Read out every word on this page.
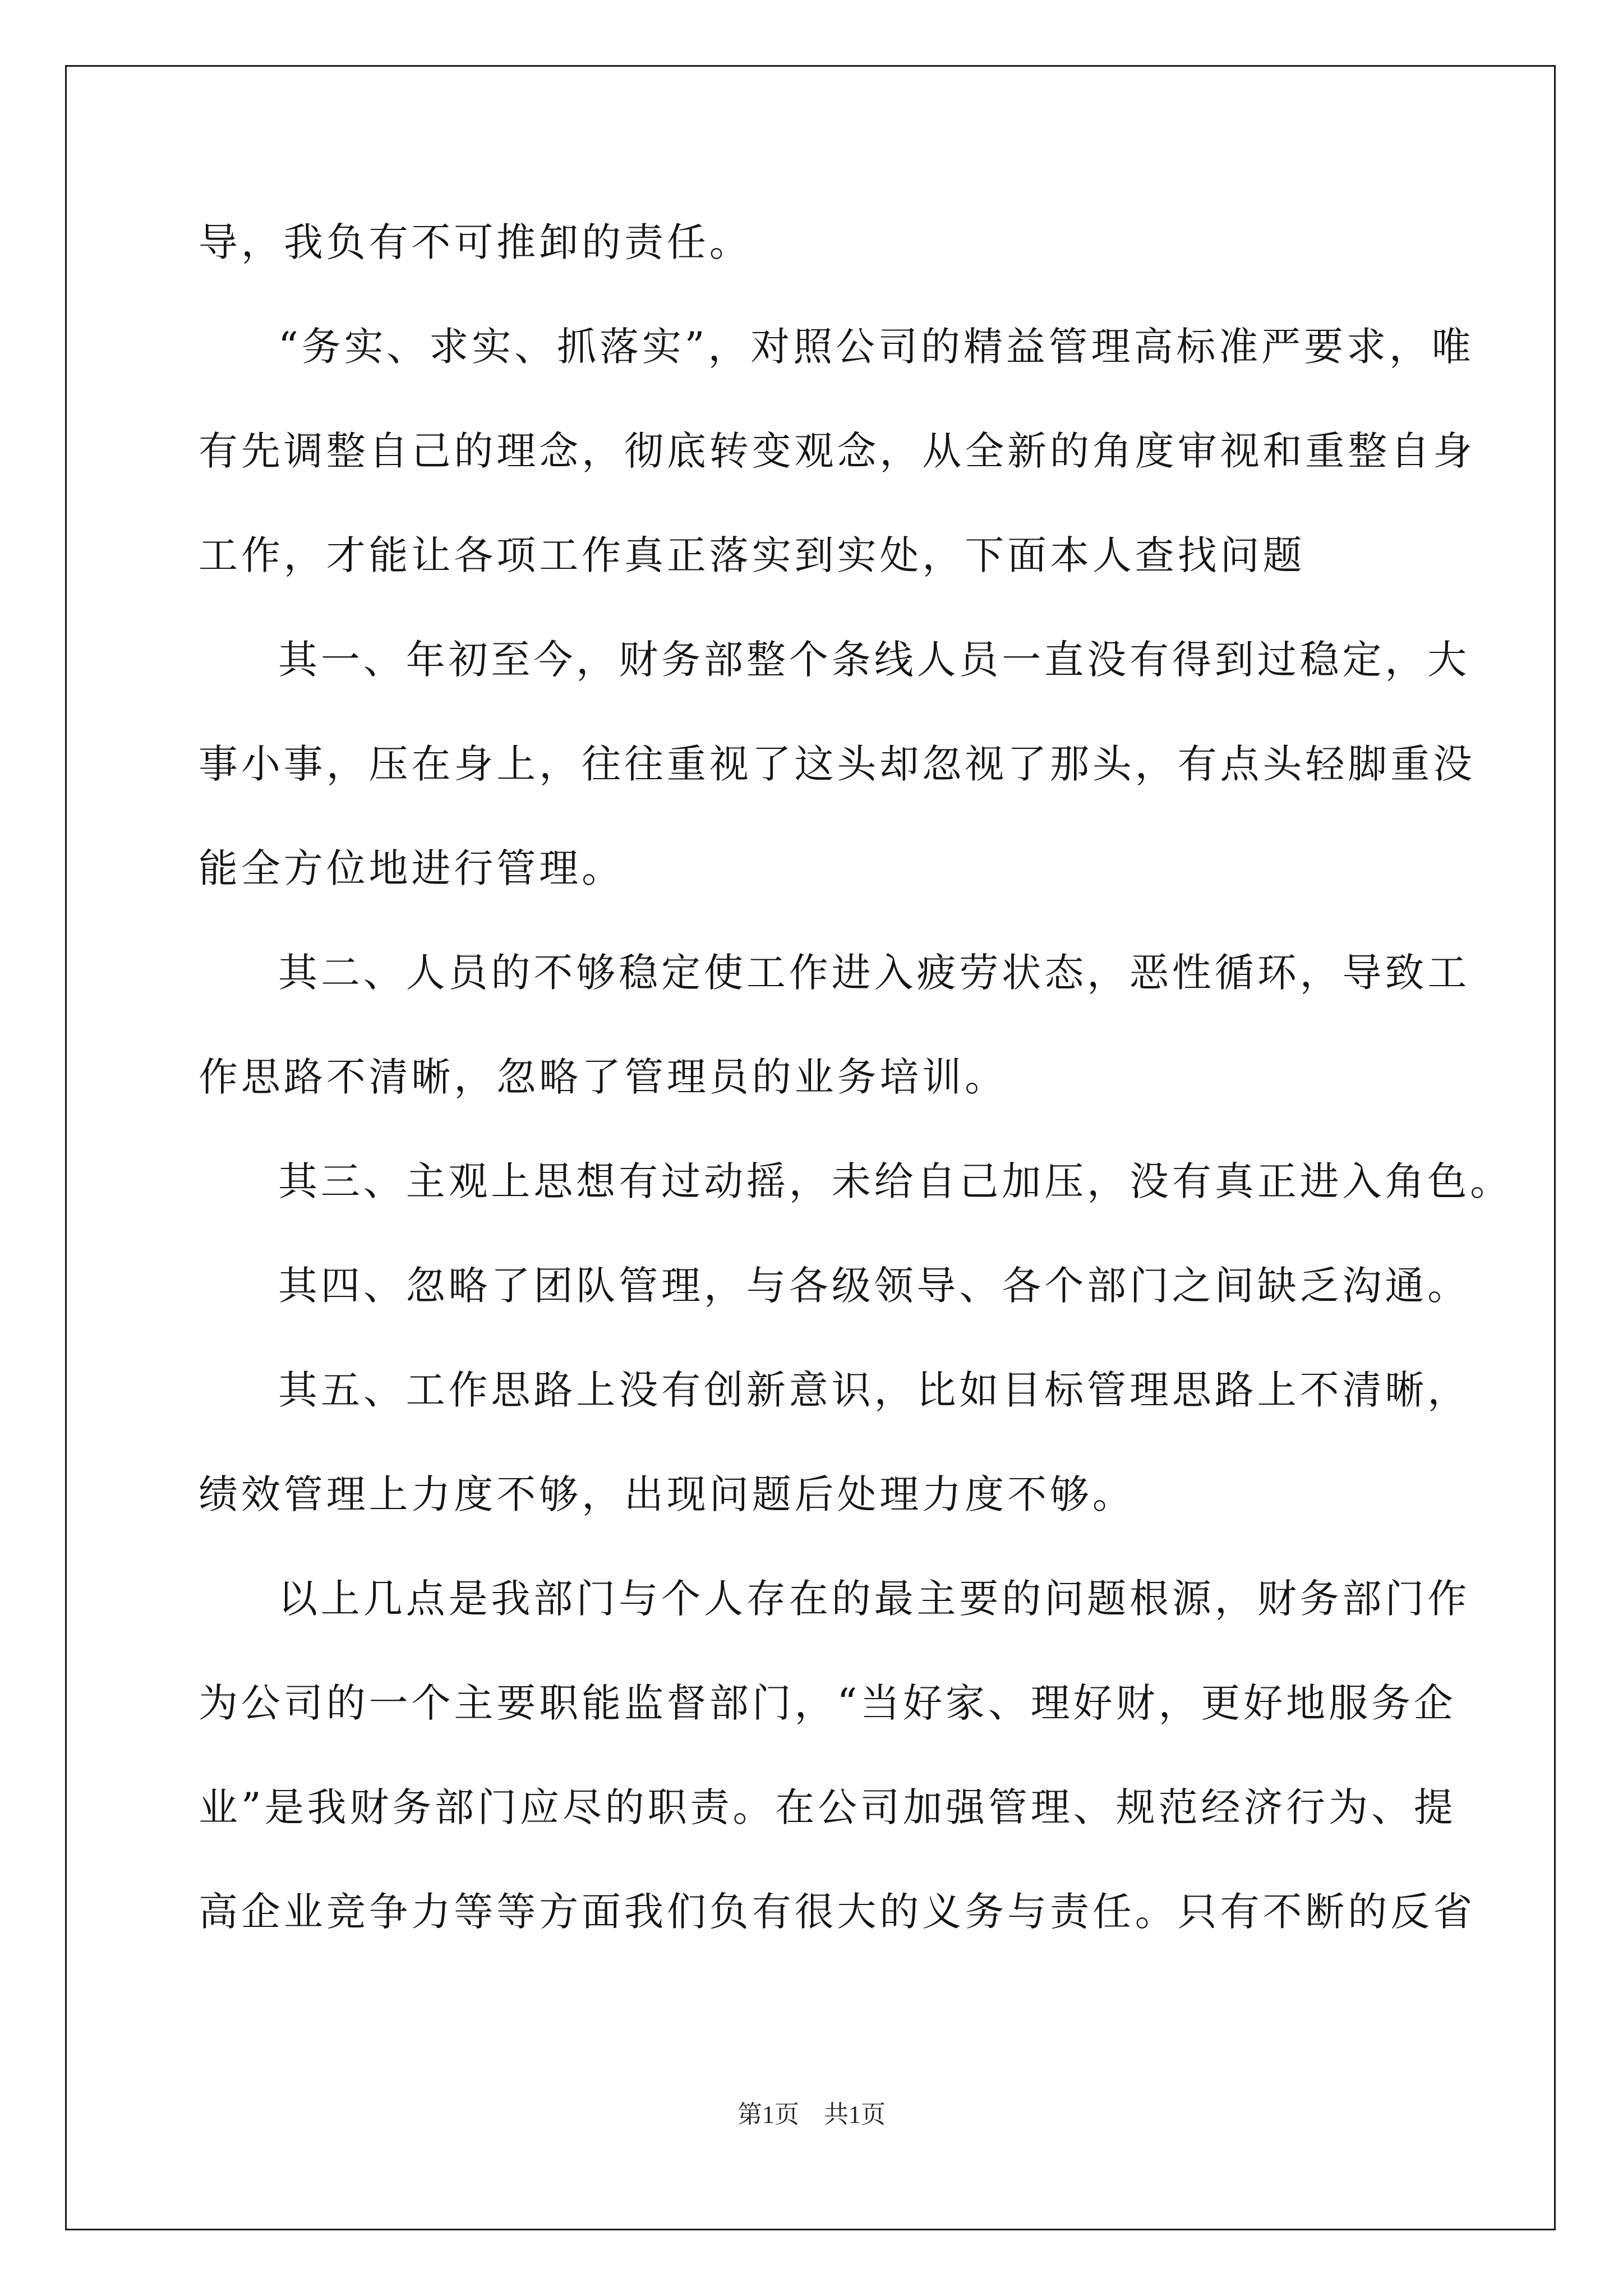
导，我负有不可推卸的责任。
“务实、求实、抓落实”，对照公司的精益管理高标准严要求，唯
有先调整自己的理念，彻底转变观念，从全新的角度审视和重整自身
工作，才能让各项工作真正落实到实处，下面本人查找问题
其一、年初至今，财务部整个条线人员一直没有得到过稳定，大
事小事，压在身上，往往重视了这头却忽视了那头，有点头轻脚重没
能全方位地进行管理。
其二、人员的不够稳定使工作进入疲劳状态，恶性循环，导致工
作思路不清晰，忽略了管理员的业务培训。
其三、主观上思想有过动摇，未给自己加压，没有真正进入角色。
其四、忽略了团队管理，与各级领导、各个部门之间缺乏沟通。
其五、工作思路上没有创新意识，比如目标管理思路上不清晰，
绩效管理上力度不够，出现问题后处理力度不够。
以上几点是我部门与个人存在的最主要的问题根源，财务部门作
为公司的一个主要职能监督部门，“当好家、理好财，更好地服务企
业”是我财务部门应尽的职责。在公司加强管理、规范经济行为、提
高企业竞争力等等方面我们负有很大的义务与责任。只有不断的反省
第1页　共1页
